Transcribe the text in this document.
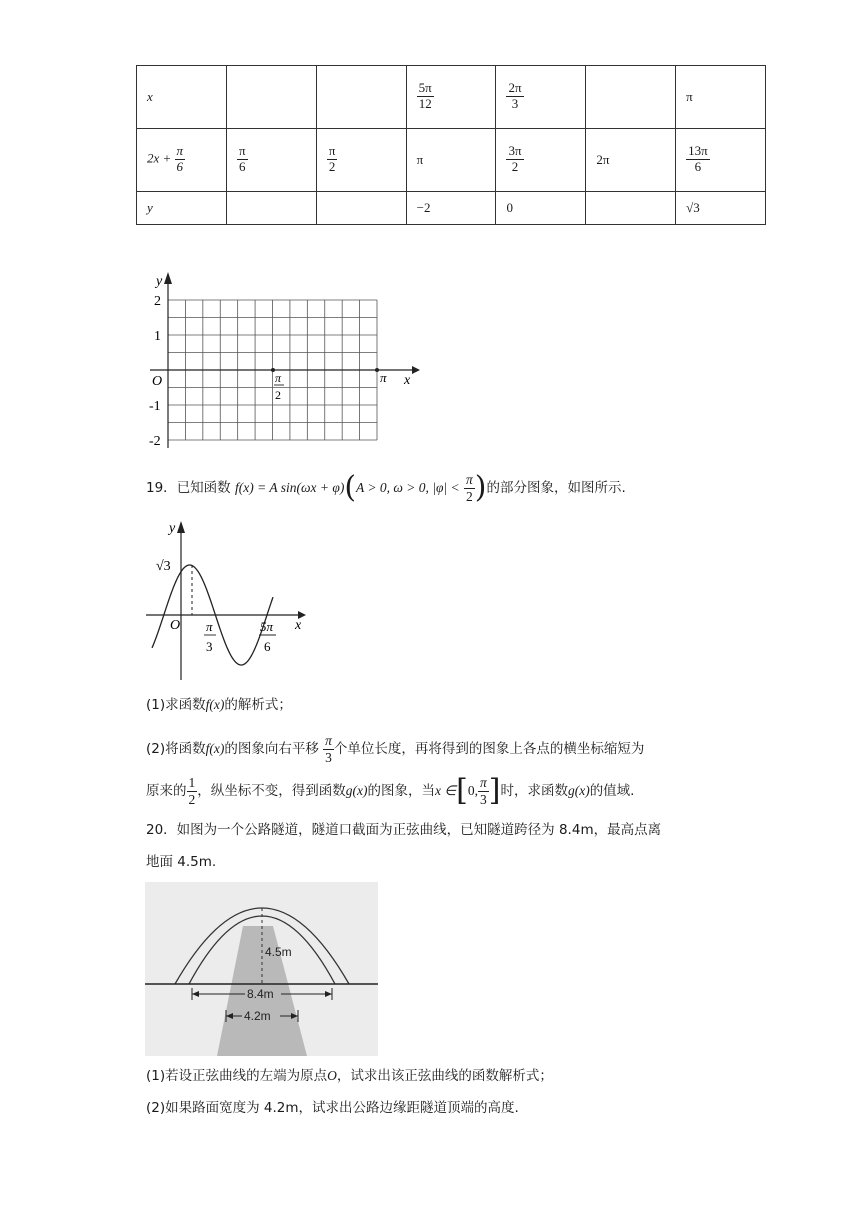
x			$\frac{5\pi}{12}$	$\frac{2\pi}{3}$		π
$2x + \frac{\pi}{6}$	$\frac{\pi}{6}$	$\frac{\pi}{2}$	π	$\frac{3\pi}{2}$	2π	$\frac{13\pi}{6}$

y			−2	0		√3
y
x
O
2
1
-1
-2
π
2
π
19．已知函数 f(x) = A sin(ωx + φ)(A > 0, ω > 0, $|\varphi| < \frac{\pi}{2}$ )的部分图象，如图所示.
y
x
O
√3
π
3
5π
6
(1)求函数f(x)的解析式；
(2)将函数f(x)的图象向右平移 $\frac{\pi}{3}$ 个单位长度，再将得到的图象上各点的横坐标缩短为
原来的 $\frac{1}{2}$ ，纵坐标不变，得到函数g(x)的图象，当x ∈[0, $\frac{\pi}{3}$ ]时，求函数g(x)的值域.
20．如图为一个公路隧道，隧道口截面为正弦曲线，已知隧道跨径为 8.4m，最高点离
地面 4.5m.
4.5m
8.4m
4.2m
(1)若设正弦曲线的左端为原点O，试求出该正弦曲线的函数解析式；
(2)如果路面宽度为 4.2m，试求出公路边缘距隧道顶端的高度.
